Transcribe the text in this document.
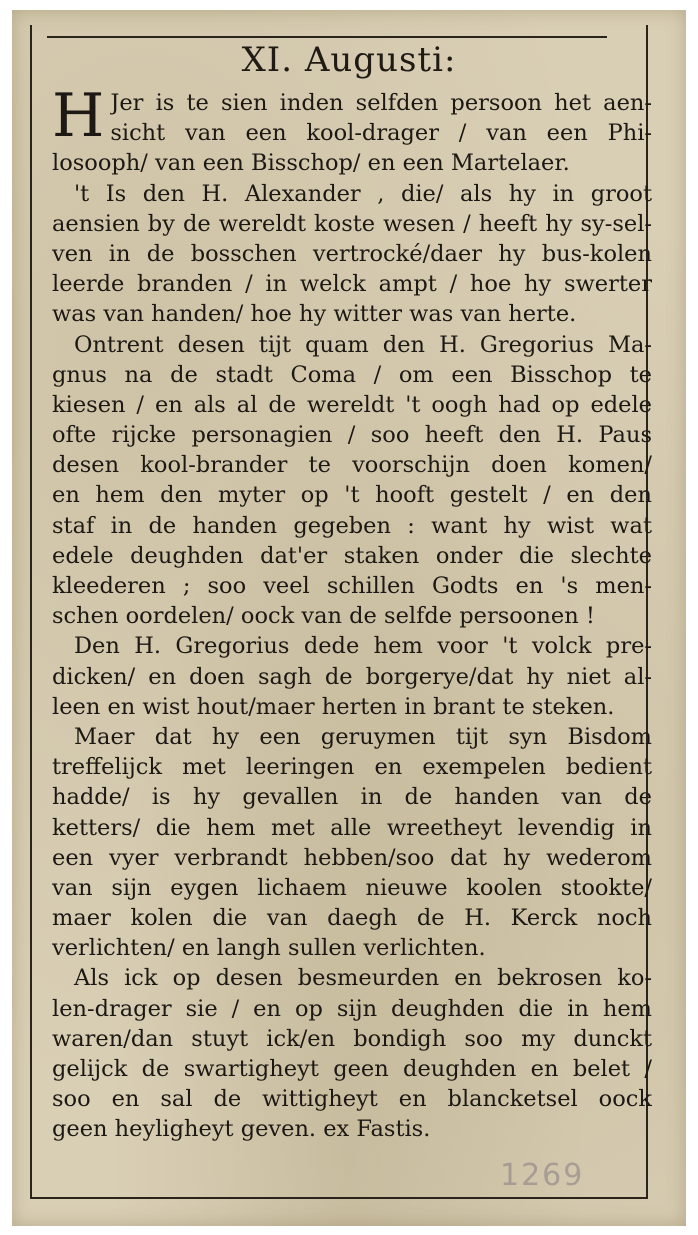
XI. Augusti:
H Jer is te sien inden selfden persoon het aen-
sicht van een kool-drager / van een Phi-
losooph/ van een Bisschop/ en een Martelaer.
't Is den H. Alexander , die/ als hy in groot
aensien by de wereldt koste wesen / heeft hy sy-sel-
ven in de bosschen vertrocké/daer hy bus-kolen
leerde branden / in welck ampt / hoe hy swerter
was van handen/ hoe hy witter was van herte.
Ontrent desen tijt quam den H. Gregorius Ma-
gnus na de stadt Coma / om een Bisschop te
kiesen / en als al de wereldt 't oogh had op edele
ofte rijcke personagien / soo heeft den H. Paus
desen kool-brander te voorschijn doen komen/
en hem den myter op 't hooft gestelt / en den
staf in de handen gegeben : want hy wist wat
edele deughden dat'er staken onder die slechte
kleederen ; soo veel schillen Godts en 's men-
schen oordelen/ oock van de selfde persoonen !
Den H. Gregorius dede hem voor 't volck pre-
dicken/ en doen sagh de borgerye/dat hy niet al-
leen en wist hout/maer herten in brant te steken.
Maer dat hy een geruymen tijt syn Bisdom
treffelijck met leeringen en exempelen bedient
hadde/ is hy gevallen in de handen van de
ketters/ die hem met alle wreetheyt levendig in
een vyer verbrandt hebben/soo dat hy wederom
van sijn eygen lichaem nieuwe koolen stookte/
maer kolen die van daegh de H. Kerck noch
verlichten/ en langh sullen verlichten.
Als ick op desen besmeurden en bekrosen ko-
len-drager sie / en op sijn deughden die in hem
waren/dan stuyt ick/en bondigh soo my dunckt
gelijck de swartigheyt geen deughden en belet /
soo en sal de wittigheyt en blancketsel oock
geen heyligheyt geven. ex Fastis.
1269
